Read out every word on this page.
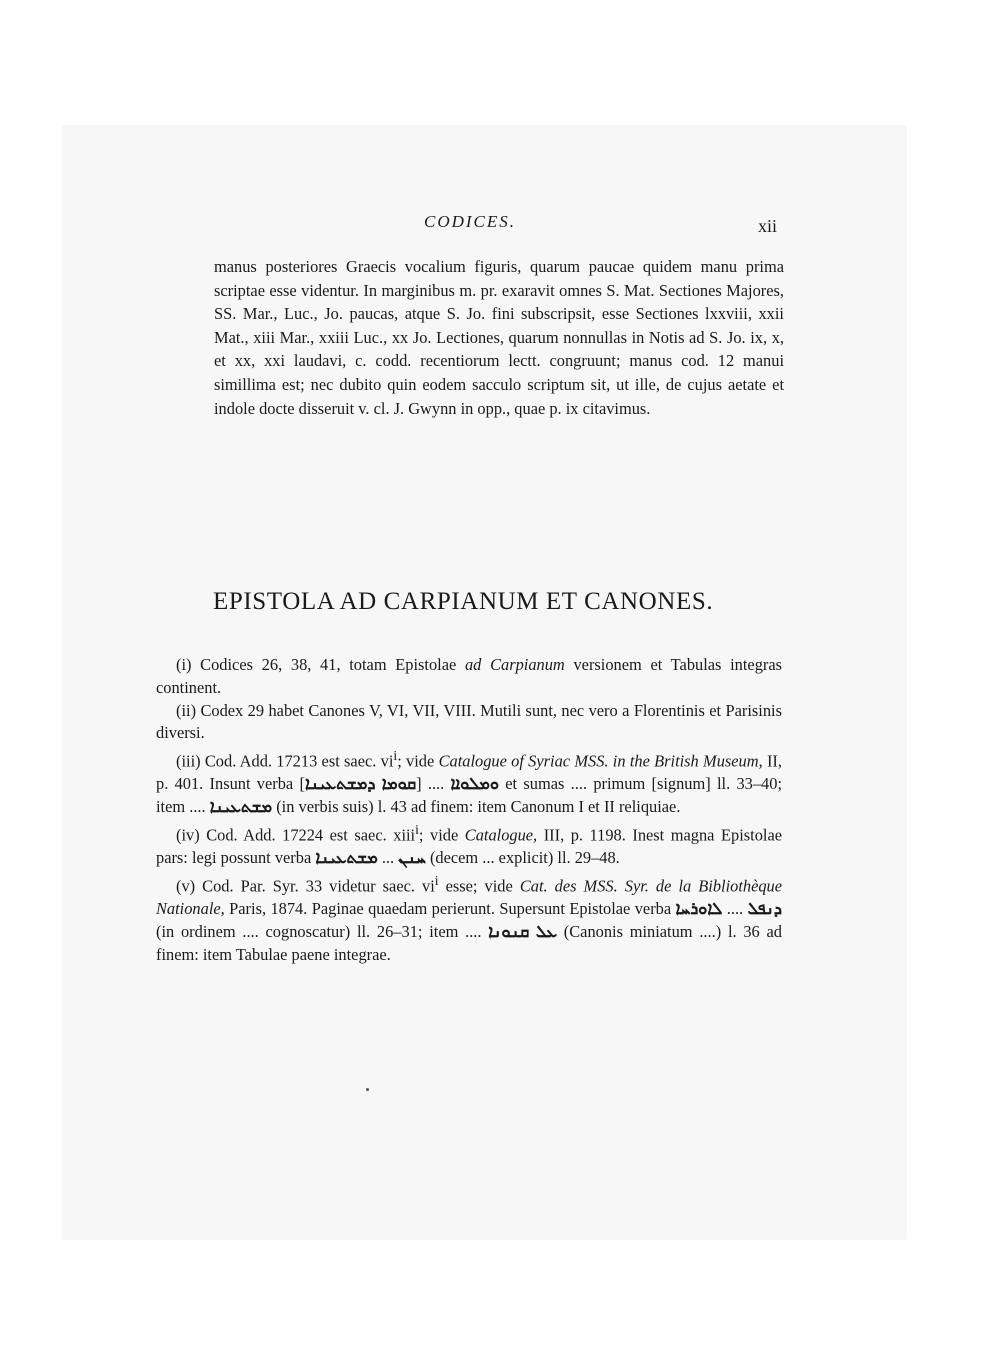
CODICES.	xii

manus posteriores Graecis vocalium figuris, quarum paucae quidem manu prima scriptae esse videntur. In marginibus m. pr. exaravit omnes S. Mat. Sectiones Majores, SS. Mar., Luc., Jo. paucas, atque S. Jo. fini subscripsit, esse Sectiones lxxviii, xxii Mat., xiii Mar., xxiii Luc., xx Jo. Lectiones, quarum nonnullas in Notis ad S. Jo. ix, x, et xx, xxi laudavi, c. codd. recentiorum lectt. congruunt; manus cod. 12 manui simillima est; nec dubito quin eodem sacculo scriptum sit, ut ille, de cujus aetate et indole docte disseruit v. cl. J. Gwynn in opp., quae p. ix citavimus.

EPISTOLA AD CARPIANUM ET CANONES.

(i) Codices 26, 38, 41, totam Epistolae ad Carpianum versionem et Tabulas integras continent.

(ii) Codex 29 habet Canones V, VI, VII, VIII. Mutili sunt, nec vero a Florentinis et Parisinis diversi.

(iii) Cod. Add. 17213 est saec. $vi^i$; vide Catalogue of Syriac MSS. in the British Museum, II, p. 401. Insunt verba [ܩܘܡܐ ܕܡܫܬܥܝܢܐ] .... ܘܡܠܘܐܐ et sumas .... primum [signum] ll. 33–40; item .... ܡܫܬܥܝܢܐ (in verbis suis) l. 43 ad finem: item Canonum I et II reliquiae.

(iv) Cod. Add. 17224 est saec. xiii$^i$; vide Catalogue, III, p. 1198. Inest magna Epistolae pars: legi possunt verba ܡܫܬܥܝܢܐ ... ܚܢܢ (decem ... explicit) ll. 29–48.

(v) Cod. Par. Syr. 33 videtur saec. $vi^i$ esse; vide Cat. des MSS. Syr. de la Bibliothèque Nationale, Paris, 1874. Paginae quaedam perierunt. Supersunt Epistolae verba ܠܐܘܪܚܐ .... ܕܢܦܠ (in ordinem .... cognoscatur) ll. 26–31; item .... ܥܠ ܩܢܘܢܐ (Canonis miniatum ....) l. 36 ad finem: item Tabulae paene integrae.
